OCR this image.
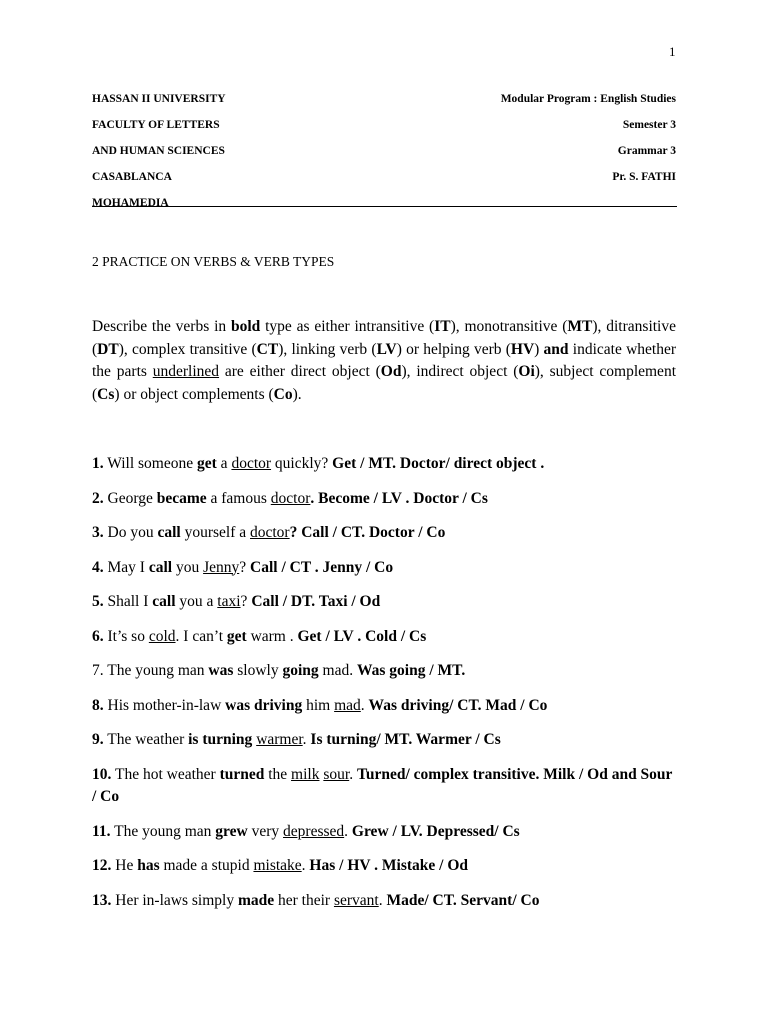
1
HASSAN II UNIVERSITY	Modular Program : English Studies
FACULTY OF LETTERS	Semester 3
AND HUMAN SCIENCES	Grammar 3
CASABLANCA	Pr. S. FATHI
MOHAMEDIA
2 PRACTICE ON VERBS & VERB TYPES

Describe the verbs in bold type as either intransitive (IT), monotransitive (MT), ditransitive (DT), complex transitive (CT), linking verb (LV) or helping verb (HV) and indicate whether the parts underlined are either direct object (Od), indirect object (Oi), subject complement (Cs) or object complements (Co).

1. Will someone get a doctor quickly? Get / MT. Doctor/ direct object .
2. George became a famous doctor. Become / LV . Doctor / Cs
3. Do you call yourself a doctor? Call / CT. Doctor / Co
4. May I call you Jenny? Call / CT . Jenny / Co
5. Shall I call you a taxi? Call / DT. Taxi / Od
6. It’s so cold. I can’t get warm . Get / LV . Cold / Cs
7. The young man was slowly going mad. Was going / MT.
8. His mother-in-law was driving him mad. Was driving/ CT. Mad / Co
9. The weather is turning warmer. Is turning/ MT. Warmer / Cs
10. The hot weather turned the milk sour. Turned/ complex transitive. Milk / Od and Sour / Co
11. The young man grew very depressed. Grew / LV. Depressed/ Cs
12. He has made a stupid mistake. Has / HV . Mistake / Od
13. Her in-laws simply made her their servant. Made/ CT. Servant/ Co
